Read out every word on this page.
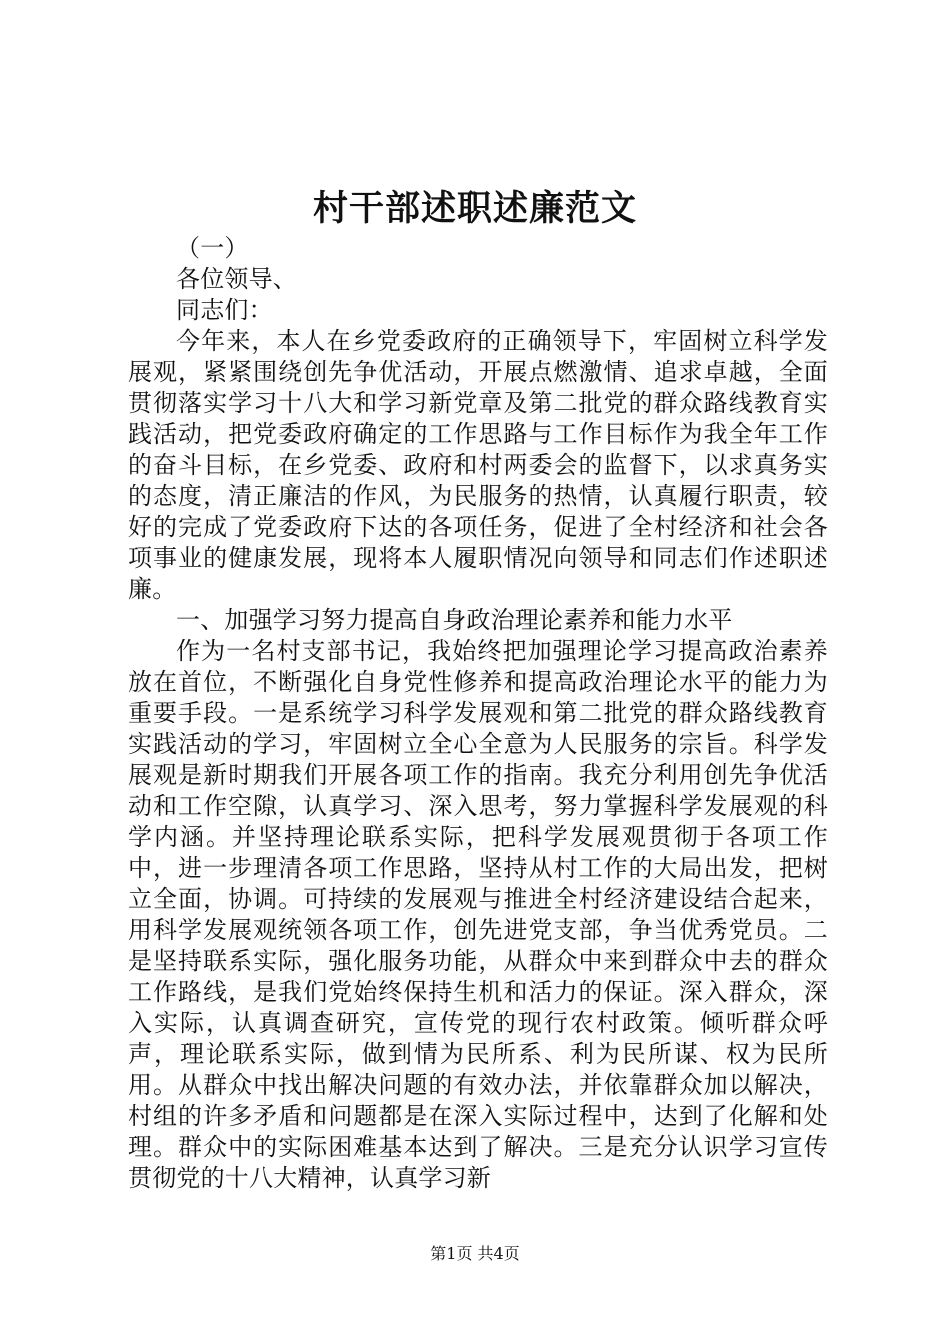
村干部述职述廉范文

（一）

各位领导、

同志们：

今年来，本人在乡党委政府的正确领导下，牢固树立科学发展观，紧紧围绕创先争优活动，开展点燃激情、追求卓越，全面贯彻落实学习十八大和学习新党章及第二批党的群众路线教育实践活动，把党委政府确定的工作思路与工作目标作为我全年工作的奋斗目标，在乡党委、政府和村两委会的监督下，以求真务实的态度，清正廉洁的作风，为民服务的热情，认真履行职责，较好的完成了党委政府下达的各项任务，促进了全村经济和社会各项事业的健康发展，现将本人履职情况向领导和同志们作述职述廉。

一、加强学习努力提高自身政治理论素养和能力水平

作为一名村支部书记，我始终把加强理论学习提高政治素养放在首位，不断强化自身党性修养和提高政治理论水平的能力为重要手段。一是系统学习科学发展观和第二批党的群众路线教育实践活动的学习，牢固树立全心全意为人民服务的宗旨。科学发展观是新时期我们开展各项工作的指南。我充分利用创先争优活动和工作空隙，认真学习、深入思考，努力掌握科学发展观的科学内涵。并坚持理论联系实际，把科学发展观贯彻于各项工作中，进一步理清各项工作思路，坚持从村工作的大局出发，把树立全面，协调。可持续的发展观与推进全村经济建设结合起来，用科学发展观统领各项工作，创先进党支部，争当优秀党员。二是坚持联系实际，强化服务功能，从群众中来到群众中去的群众工作路线，是我们党始终保持生机和活力的保证。深入群众，深入实际，认真调查研究，宣传党的现行农村政策。倾听群众呼声，理论联系实际，做到情为民所系、利为民所谋、权为民所用。从群众中找出解决问题的有效办法，并依靠群众加以解决，村组的许多矛盾和问题都是在深入实际过程中，达到了化解和处理。群众中的实际困难基本达到了解决。三是充分认识学习宣传贯彻党的十八大精神，认真学习新

第1页 共4页
